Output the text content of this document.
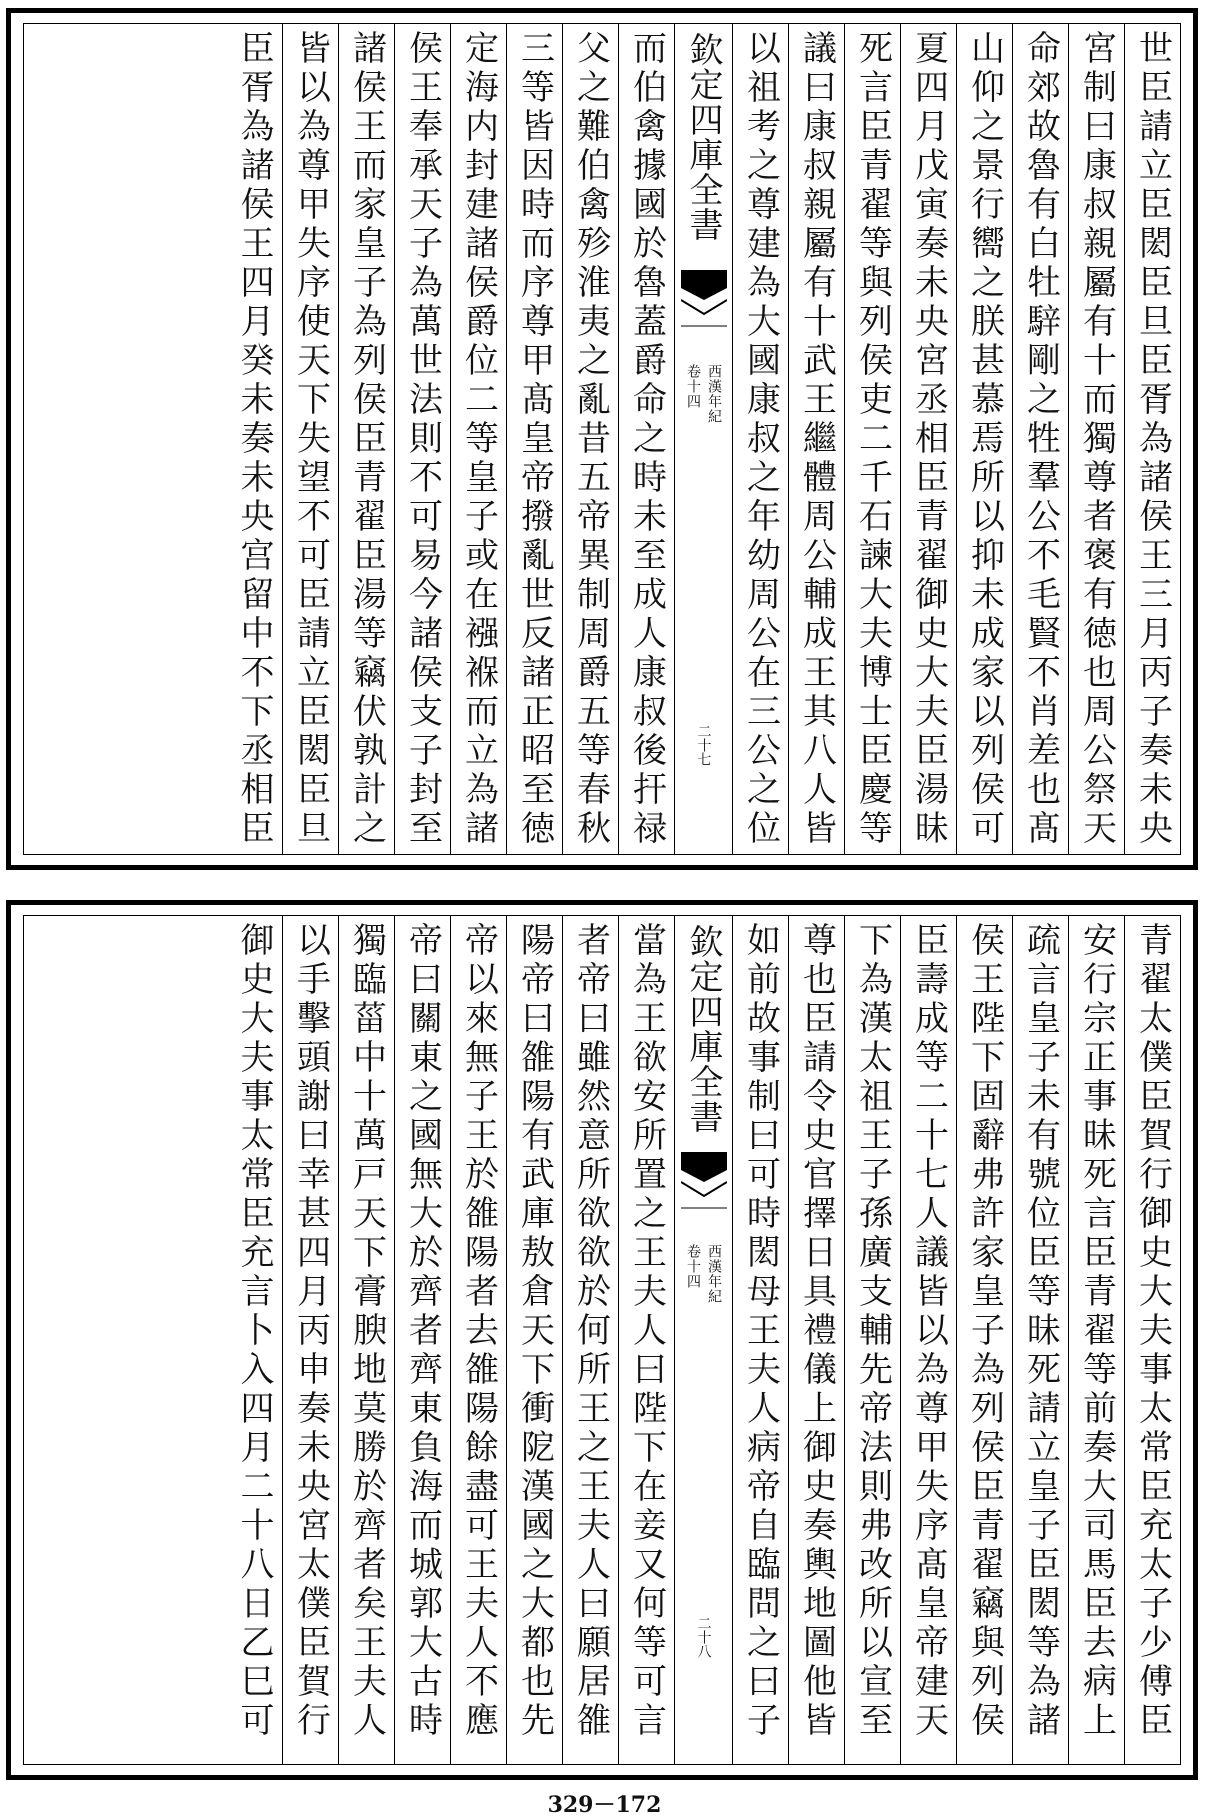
世臣請立臣閎臣旦臣胥為諸侯王三月丙子奏未央
宮制曰康叔親屬有十而獨尊者褒有徳也周公祭天
命郊故魯有白牡騂剛之牲羣公不毛賢不肖差也髙
山仰之景行嚮之朕甚慕焉所以抑未成家以列侯可
夏四月戊寅奏未央宮丞相臣青翟御史大夫臣湯昧
死言臣青翟等與列侯吏二千石諫大夫博士臣慶等
議曰康叔親屬有十武王繼體周公輔成王其八人皆
以祖考之尊建為大國康叔之年幼周公在三公之位
欽定四庫全書
西漢年紀
卷十四
二十七
而伯禽據國於魯蓋爵命之時未至成人康叔後扞禄
父之難伯禽殄淮夷之亂昔五帝異制周爵五等春秋
三等皆因時而序尊甲髙皇帝撥亂世反諸正昭至徳
定海内封建諸侯爵位二等皇子或在襁褓而立為諸
侯王奉承天子為萬世法則不可易今諸侯支子封至
諸侯王而家皇子為列侯臣青翟臣湯等竊伏孰計之
皆以為尊甲失序使天下失望不可臣請立臣閎臣旦
臣胥為諸侯王四月癸未奏未央宫留中不下丞相臣
青翟太僕臣賀行御史大夫事太常臣充太子少傅臣
安行宗正事昧死言臣青翟等前奏大司馬臣去病上
疏言皇子未有號位臣等昧死請立皇子臣閎等為諸
侯王陛下固辭弗許家皇子為列侯臣青翟竊與列侯
臣壽成等二十七人議皆以為尊甲失序髙皇帝建天
下為漢太祖王子孫廣支輔先帝法則弗改所以宣至
尊也臣請令史官擇日具禮儀上御史奏輿地圖他皆
如前故事制曰可時閎母王夫人病帝自臨問之曰子
欽定四庫全書
西漢年紀
卷十四
二十八
當為王欲安所置之王夫人曰陛下在妾又何等可言
者帝曰雖然意所欲欲於何所王之王夫人曰願居雒
陽帝曰雒陽有武庫敖倉天下衝阸漢國之大都也先
帝以來無子王於雒陽者去雒陽餘盡可王夫人不應
帝曰關東之國無大於齊者齊東負海而城郭大古時
獨臨菑中十萬戸天下膏腴地莫勝於齊者矣王夫人
以手擊頭謝曰幸甚四月丙申奏未央宮太僕臣賀行
御史大夫事太常臣充言卜入四月二十八日乙巳可
329－172
